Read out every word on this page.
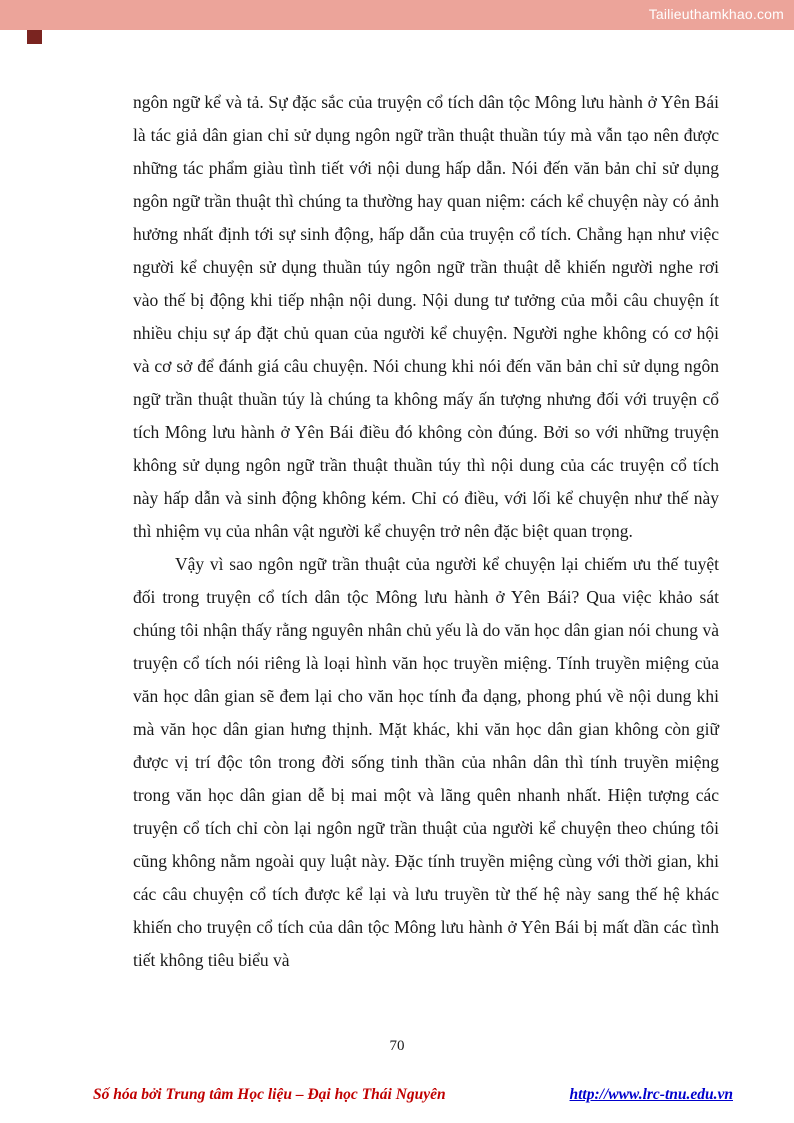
Tailieuthamkhao.com

ngôn ngữ kể và tả. Sự đặc sắc của truyện cổ tích dân tộc Mông lưu hành ở Yên Bái là tác giả dân gian chỉ sử dụng ngôn ngữ trần thuật thuần túy mà vẫn tạo nên được những tác phẩm giàu tình tiết với nội dung hấp dẫn. Nói đến văn bản chỉ sử dụng ngôn ngữ trần thuật thì chúng ta thường hay quan niệm: cách kể chuyện này có ảnh hưởng nhất định tới sự sinh động, hấp dẫn của truyện cổ tích. Chẳng hạn như việc người kể chuyện sử dụng thuần túy ngôn ngữ trần thuật dễ khiến người nghe rơi vào thế bị động khi tiếp nhận nội dung. Nội dung tư tưởng của mỗi câu chuyện ít nhiều chịu sự áp đặt chủ quan của người kể chuyện. Người nghe không có cơ hội và cơ sở để đánh giá câu chuyện. Nói chung khi nói đến văn bản chỉ sử dụng ngôn ngữ trần thuật thuần túy là chúng ta không mấy ấn tượng nhưng đối với truyện cổ tích Mông lưu hành ở Yên Bái điều đó không còn đúng. Bởi so với những truyện không sử dụng ngôn ngữ trần thuật thuần túy thì nội dung của các truyện cổ tích này hấp dẫn và sinh động không kém. Chỉ có điều, với lối kể chuyện như thế này thì nhiệm vụ của nhân vật người kể chuyện trở nên đặc biệt quan trọng.

Vậy vì sao ngôn ngữ trần thuật của người kể chuyện lại chiếm ưu thế tuyệt đối trong truyện cổ tích dân tộc Mông lưu hành ở Yên Bái? Qua việc khảo sát chúng tôi nhận thấy rằng nguyên nhân chủ yếu là do văn học dân gian nói chung và truyện cổ tích nói riêng là loại hình văn học truyền miệng. Tính truyền miệng của văn học dân gian sẽ đem lại cho văn học tính đa dạng, phong phú về nội dung khi mà văn học dân gian hưng thịnh. Mặt khác, khi văn học dân gian không còn giữ được vị trí độc tôn trong đời sống tinh thần của nhân dân thì tính truyền miệng trong văn học dân gian dễ bị mai một và lãng quên nhanh nhất. Hiện tượng các truyện cổ tích chỉ còn lại ngôn ngữ trần thuật của người kể chuyện theo chúng tôi cũng không nằm ngoài quy luật này. Đặc tính truyền miệng cùng với thời gian, khi các câu chuyện cổ tích được kể lại và lưu truyền từ thế hệ này sang thế hệ khác khiến cho truyện cổ tích của dân tộc Mông lưu hành ở Yên Bái bị mất dần các tình tiết không tiêu biểu và

70
Số hóa bởi Trung tâm Học liệu – Đại học Thái Nguyên	http://www.lrc-tnu.edu.vn
